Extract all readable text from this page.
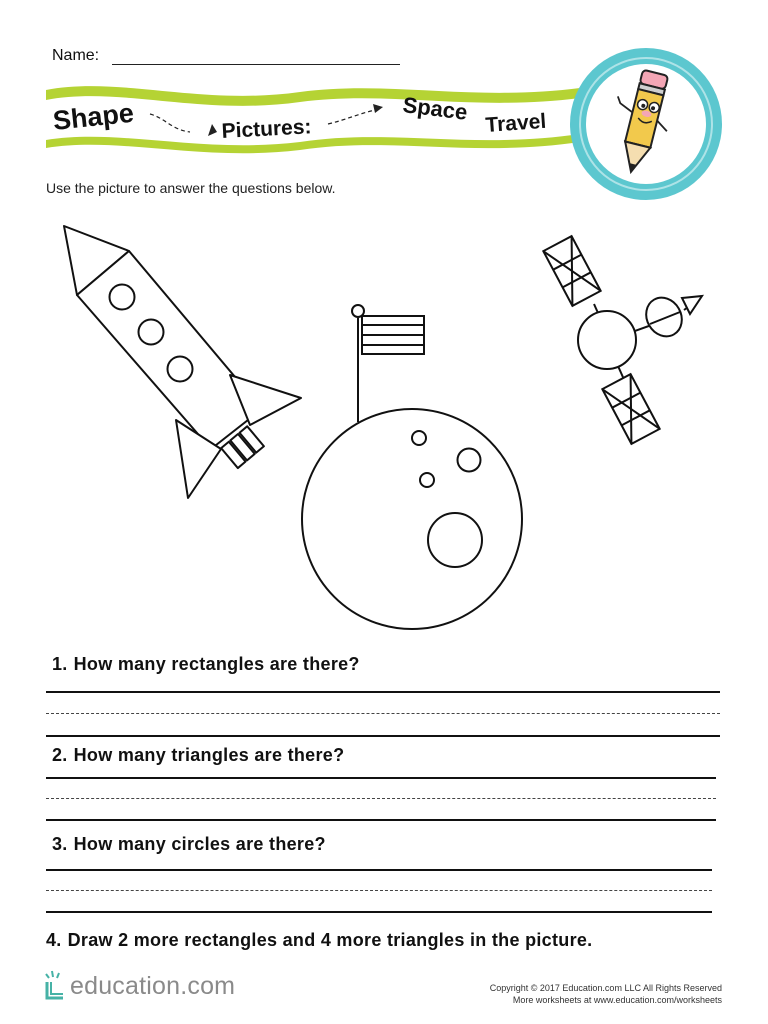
Name:
Shape	Pictures:
Space Travel
Use the picture to answer the questions below.
1. How many rectangles are there?
2. How many triangles are there?
3. How many circles are there?
4. Draw 2 more rectangles and 4 more triangles in the picture.
education.com	Copyright © 2017 Education.com LLC All Rights Reserved
More worksheets at www.education.com/worksheets
